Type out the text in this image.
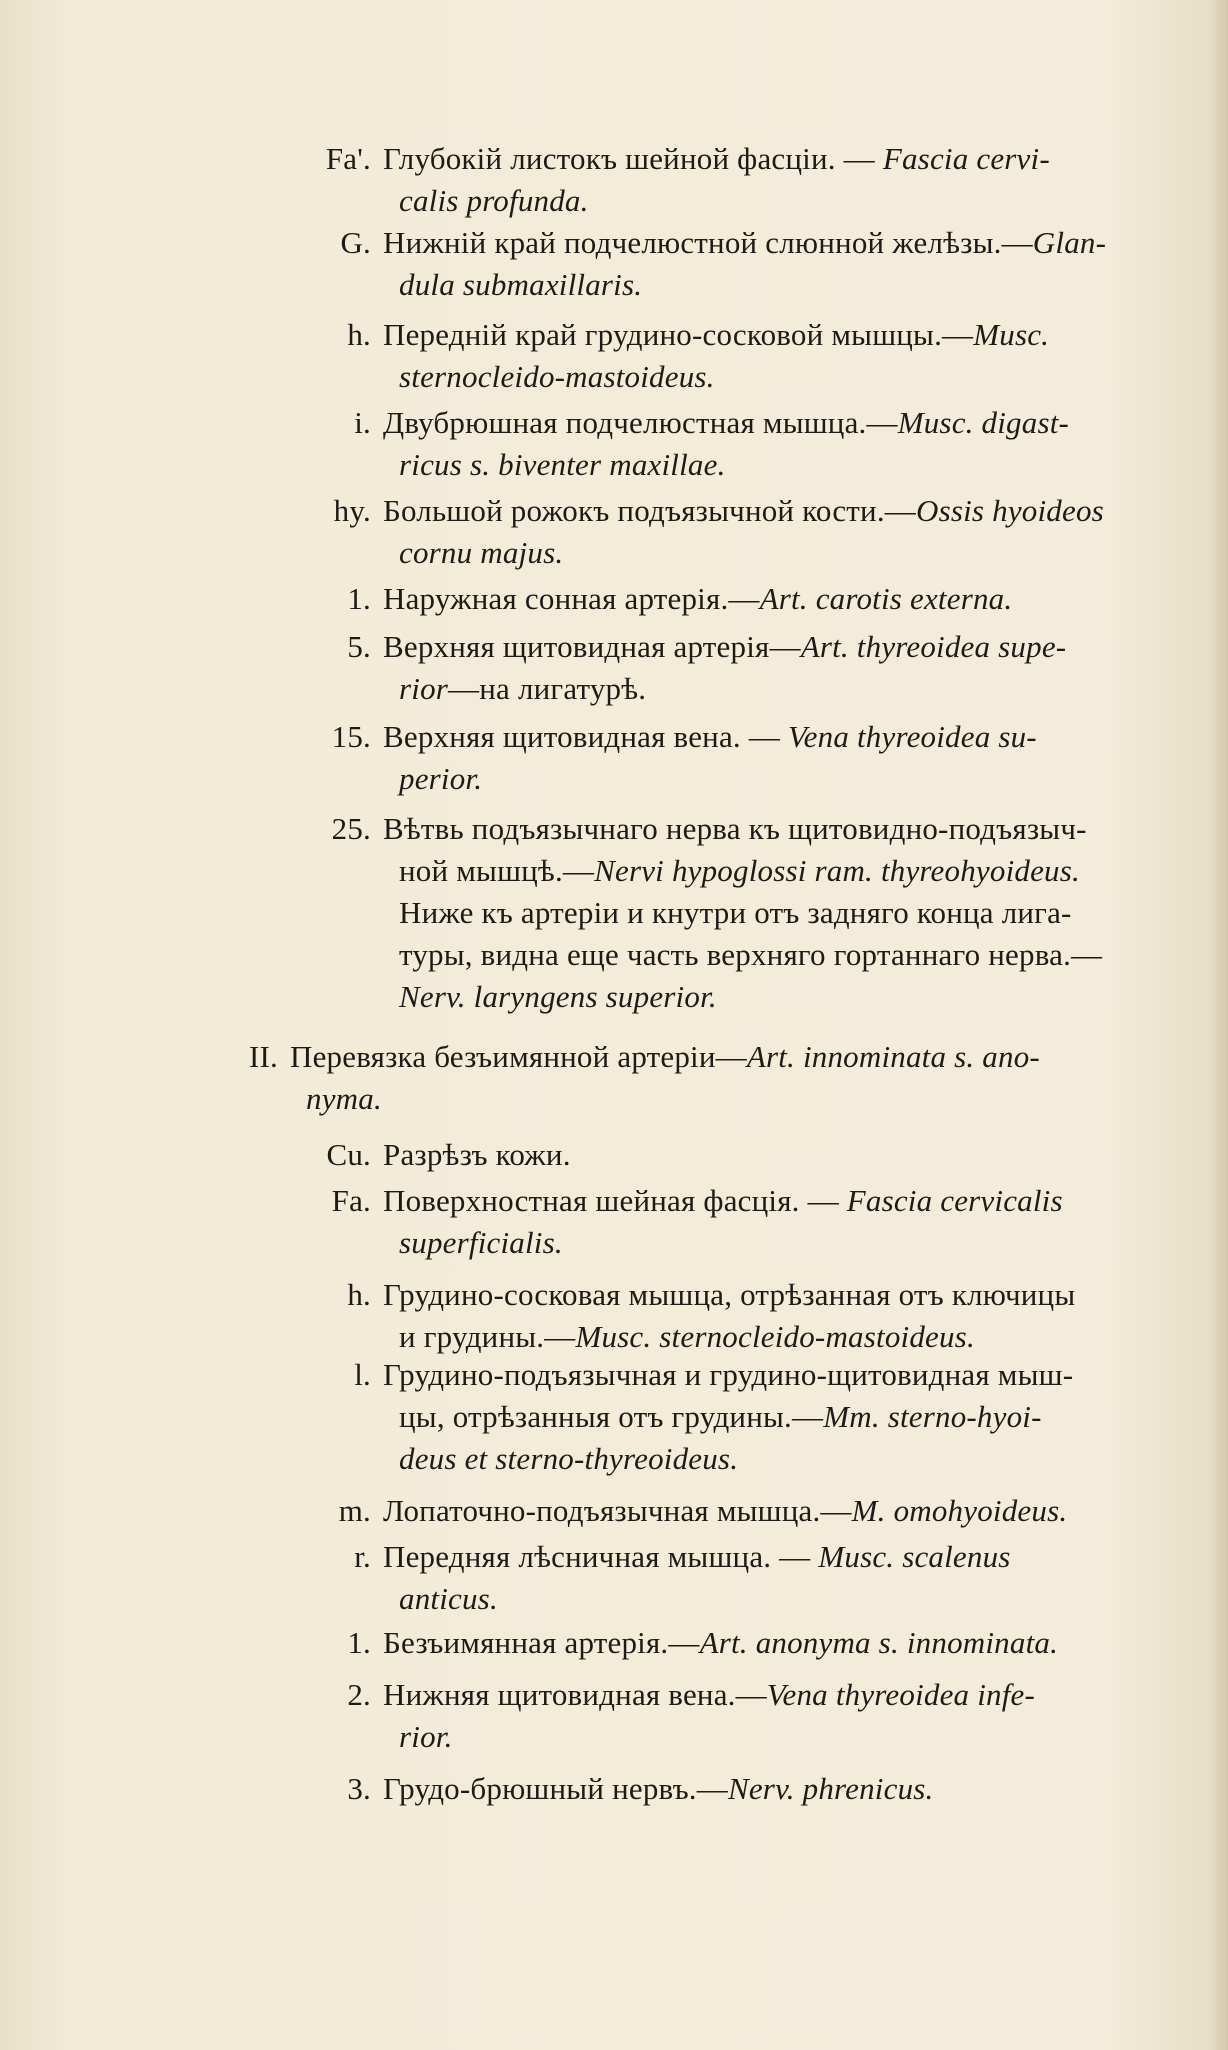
Fa'. Глубокій листокъ шейной фасціи. — Fascia cervi-
calis profunda.
G. Нижній край подчелюстной слюнной желѣзы.—Glan-
dula submaxillaris.
h. Передній край грудино-сосковой мышцы.—Musc.
sternocleido-mastoideus.
i. Двубрюшная подчелюстная мышца.—Musc. digast-
ricus s. biventer maxillae.
hy. Большой рожокъ подъязычной кости.—Ossis hyoideos
cornu majus.
1. Наружная сонная артерія.—Art. carotis externa.
5. Верхняя щитовидная артерія—Art. thyreoidea supe-
rior—на лигатурѣ.
15. Верхняя щитовидная вена. — Vena thyreoidea su-
perior.
25. Вѣтвь подъязычнаго нерва къ щитовидно-подъязыч-
ной мышцѣ.—Nervi hypoglossi ram. thyreohyoideus.
Ниже къ артеріи и кнутри отъ задняго конца лига-
туры, видна еще часть верхняго гортаннаго нерва.—
Nerv. laryngens superior.
II. Перевязка безъимянной артеріи—Art. innominata s. ano-
nyma.
Cu. Разрѣзъ кожи.
Fa. Поверхностная шейная фасція. — Fascia cervicalis
superficialis.
h. Грудино-сосковая мышца, отрѣзанная отъ ключицы
и грудины.—Musc. sternocleido-mastoideus.
l. Грудино-подъязычная и грудино-щитовидная мыш-
цы, отрѣзанныя отъ грудины.—Mm. sterno-hyoi-
deus et sterno-thyreoideus.
m. Лопаточно-подъязычная мышца.—M. omohyoideus.
r. Передняя лѣсничная мышца. — Musc. scalenus
anticus.
1. Безъимянная артерія.—Art. anonyma s. innominata.
2. Нижняя щитовидная вена.—Vena thyreoidea infe-
rior.
3. Грудо-брюшный нервъ.—Nerv. phrenicus.
